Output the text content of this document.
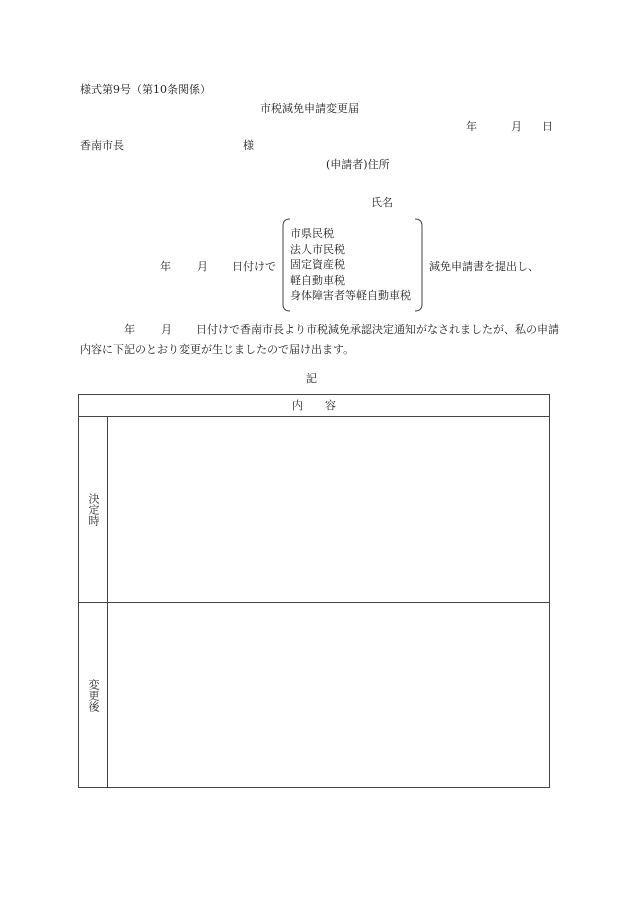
様式第9号（第10条関係）
市税減免申請変更届
年	月 日
香南市長	様
(申請者)住所
氏名
年 月 日付けで
市県民税
法人市民税
固定資産税
軽自動車税
身体障害者等軽自動車税
減免申請書を提出し、
年 月 日付けで香南市長より市税減免承認決定通知がなされましたが、私の申請内容に下記のとおり変更が生じましたので届け出ます。
記
内　　容
決定時
変更後
